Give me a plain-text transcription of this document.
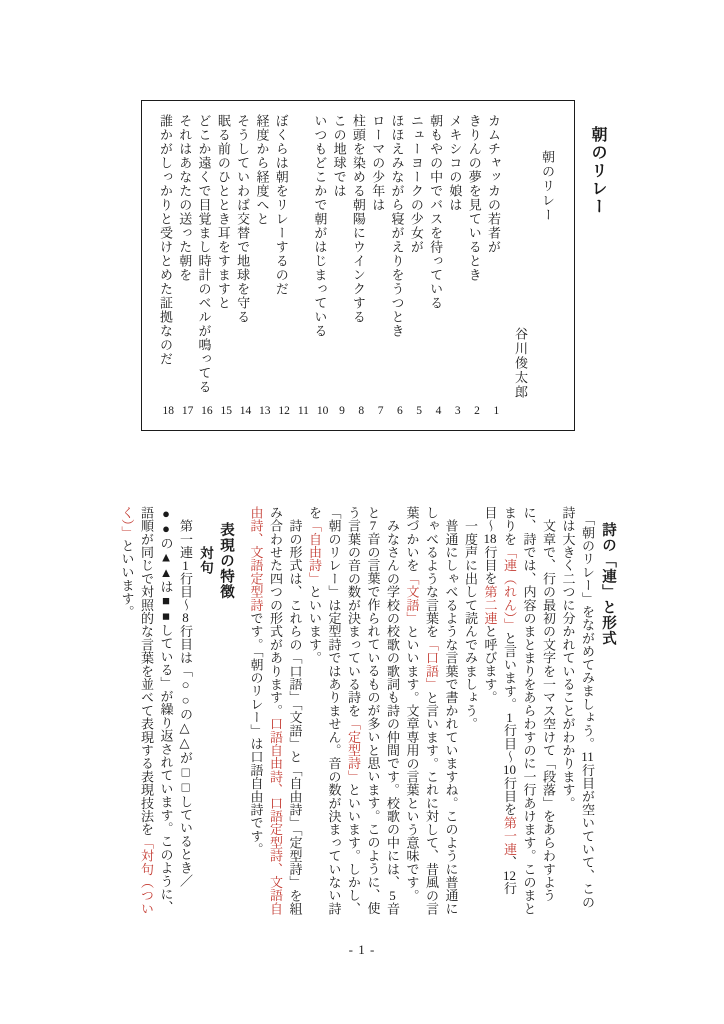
朝のリレー
朝のリレー
谷川俊太郎
カムチャッカの若者が
1
きりんの夢を見ているとき
2
メキシコの娘は
3
朝もやの中でバスを待っている
4
ニューヨークの少女が
5
ほほえみながら寝がえりをうつとき
6
ローマの少年は
7
柱頭を染める朝陽にウインクする
8
この地球では
9
いつもどこかで朝がはじまっている
10
11
ぼくらは朝をリレーするのだ
12
経度から経度へと
13
そうしていわば交替で地球を守る
14
眠る前のひととき耳をすますと
15
どこか遠くで目覚まし時計のベルが鳴ってる
16
それはあなたの送った朝を
17
誰かがしっかりと受けとめた証拠なのだ
18
詩の「連」と形式

　「朝のリレー」をながめてみましょう。11行目が空いていて、この詩は大きく二つに分かれていることがわかります。

　文章で、行の最初の文字を一マス空けて「段落」をあらわすように、詩では、内容のまとまりをあらわすのに一行あけます。このまとまりを「連（れん）」と言います。1行目〜10行目を第一連、12行目〜18行目を第二連と呼びます。

　一度声に出して読んでみましょう。

　普通にしゃべるような言葉で書かれていますね。このように普通にしゃべるような言葉を「口語」と言います。これに対して、昔風の言葉づかいを「文語」といいます。文章専用の言葉という意味です。

　みなさんの学校の校歌の歌詞も詩の仲間です。校歌の中には、5音と7音の言葉で作られているものが多いと思います。このように、使う言葉の音の数が決まっている詩を「定型詩」といいます。しかし、「朝のリレー」は定型詩ではありません。音の数が決まっていない詩を「自由詩」といいます。

　詩の形式は、これらの「口語」「文語」と「自由詩」「定型詩」を組み合わせた四つの形式があります。口語自由詩、口語定型詩、文語自由詩、文語定型詩です。「朝のリレー」は口語自由詩です。

表現の特徴
対句

　第一連1行目〜8行目は「○○の△△が□□しているとき／●●の▲▲は■■している」が繰り返されています。このように、語順が同じで対照的な言葉を並べて表現する表現技法を「対句（ついく）」といいます。

- 1 -
